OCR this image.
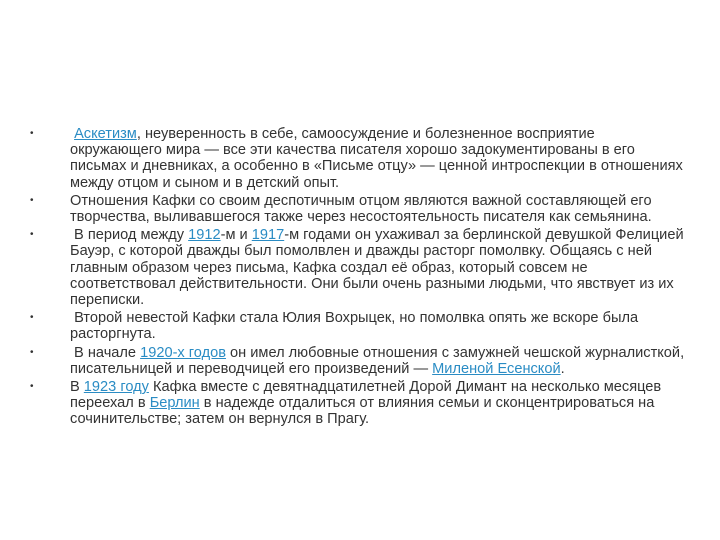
•	Аскетизм, неуверенность в себе, самоосуждение и болезненное восприятие окружающего мира — все эти качества писателя хорошо задокументированы в его письмах и дневниках, а особенно в «Письме отцу» — ценной интроспекции в отношениях между отцом и сыном и в детский опыт.
•	Отношения Кафки со своим деспотичным отцом являются важной составляющей его творчества, выливавшегося также через несостоятельность писателя как семьянина.
•	В период между 1912-м и 1917-м годами он ухаживал за берлинской девушкой Фелицией Бауэр, с которой дважды был помолвлен и дважды расторг помолвку. Общаясь с ней главным образом через письма, Кафка создал её образ, который совсем не соответствовал действительности. Они были очень разными людьми, что явствует из их переписки.
•	Второй невестой Кафки стала Юлия Вохрыцек, но помолвка опять же вскоре была расторгнута.
•	В начале 1920-х годов он имел любовные отношения с замужней чешской журналисткой, писательницей и переводчицей его произведений — Миленой Есенской.
•	В 1923 году Кафка вместе с девятнадцатилетней Дорой Димант на несколько месяцев переехал в Берлин в надежде отдалиться от влияния семьи и сконцентрироваться на сочинительстве; затем он вернулся в Прагу.
